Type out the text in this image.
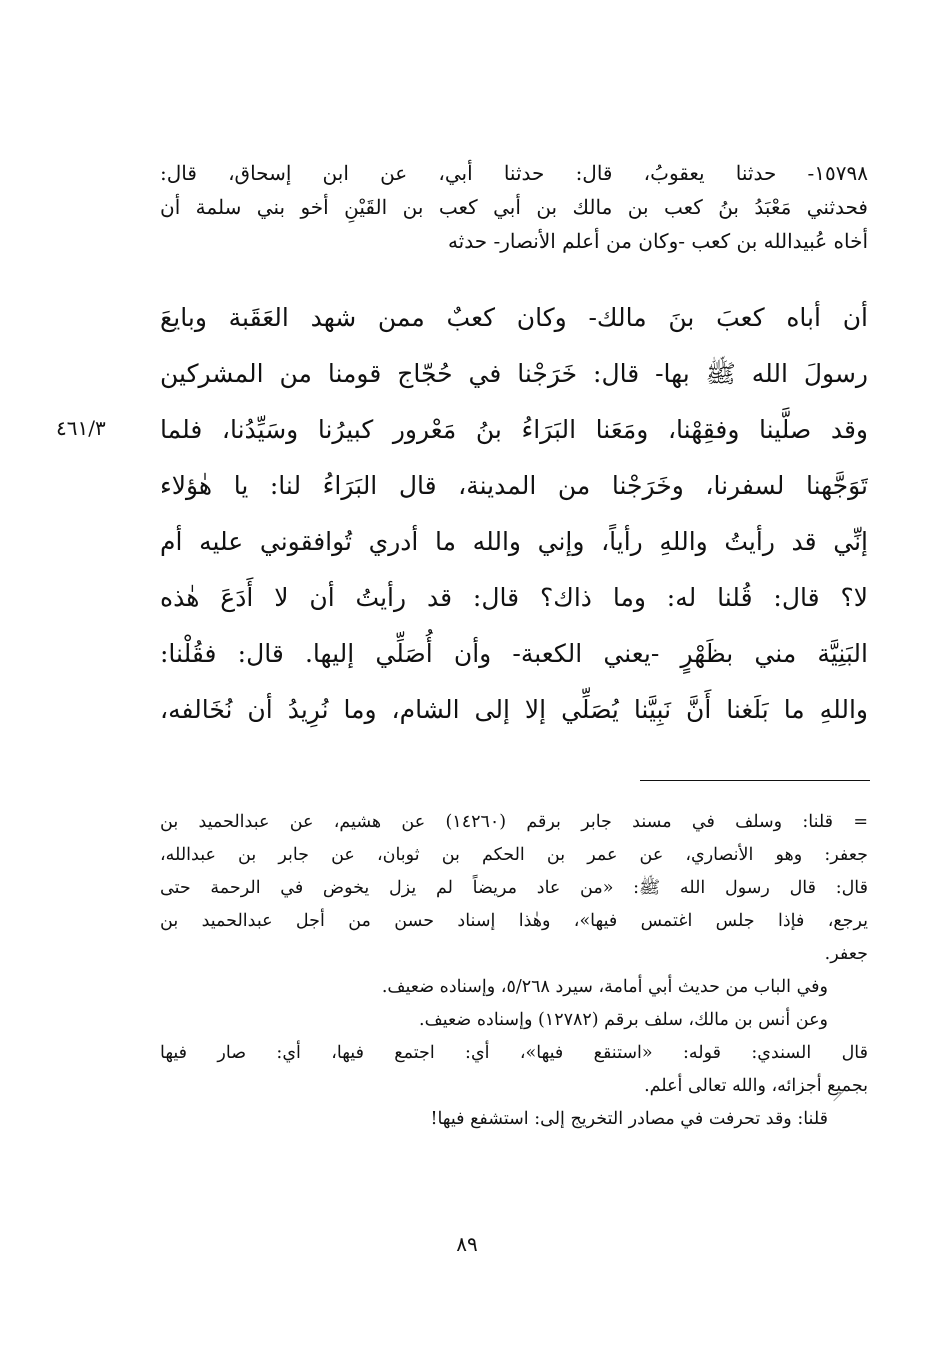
١٥٧٩٨- حدثنا يعقوبُ، قال: حدثنا أبي، عن ابن إسحاق، قال:
فحدثني مَعْبَدُ بنُ كعب بن مالك بن أبي كعب بن القَيْنِ أخو بني سلمة أن
أخاه عُبيدالله بن كعب -وكان من أعلم الأنصار- حدثه
أن أباه كعبَ بنَ مالك- وكان كعبٌ ممن شهد العَقَبة وبايعَ
رسولَ الله ﷺ بها- قال: خَرَجْنا في حُجّاج قومنا من المشركين
وقد صلَّينا وفقِهْنا، ومَعَنا البَرَاءُ بنُ مَعْرور كبيرُنا وسَيِّدُنا، فلما
تَوَجَّهنا لسفرنا، وخَرَجْنا من المدينة، قال البَرَاءُ لنا: يا هٰؤلاء
إنِّي قد رأيتُ واللهِ رأياً، وإني والله ما أدري تُوافقوني عليه أم
لا؟ قال: قُلنا له: وما ذاك؟ قال: قد رأيتُ أن لا أَدَعَ هٰذه
البَنِيَّة مني بظَهْرٍ -يعني الكعبة- وأن أُصَلِّي إليها. قال: فقُلْنا:
واللهِ ما بَلَغنا أَنَّ نَبِيَّنا يُصَلِّي إلا إلى الشام، وما نُرِيدُ أن نُخَالفه،
٤٦١/٣
= قلنا: وسلف في مسند جابر برقم (١٤٢٦٠) عن هشيم، عن عبدالحميد بن
جعفر: وهو الأنصاري، عن عمر بن الحكم بن ثوبان، عن جابر بن عبدالله،
قال: قال رسول الله ﷺ: «من عاد مريضاً لم يزل يخوض في الرحمة حتى
يرجع، فإذا جلس اغتمس فيها»، وهٰذا إسناد حسن من أجل عبدالحميد بن
جعفر.
وفي الباب من حديث أبي أمامة، سيرد ٥/٢٦٨، وإسناده ضعيف.
وعن أنس بن مالك، سلف برقم (١٢٧٨٢) وإسناده ضعيف.
قال السندي: قوله: «استنقع فيها»، أي: اجتمع فيها، أي: صار فيها
بجميع أجزائه، والله تعالى أعلم.
قلنا: وقد تحرفت في مصادر التخريج إلى: استشفع فيها!
٨٩
